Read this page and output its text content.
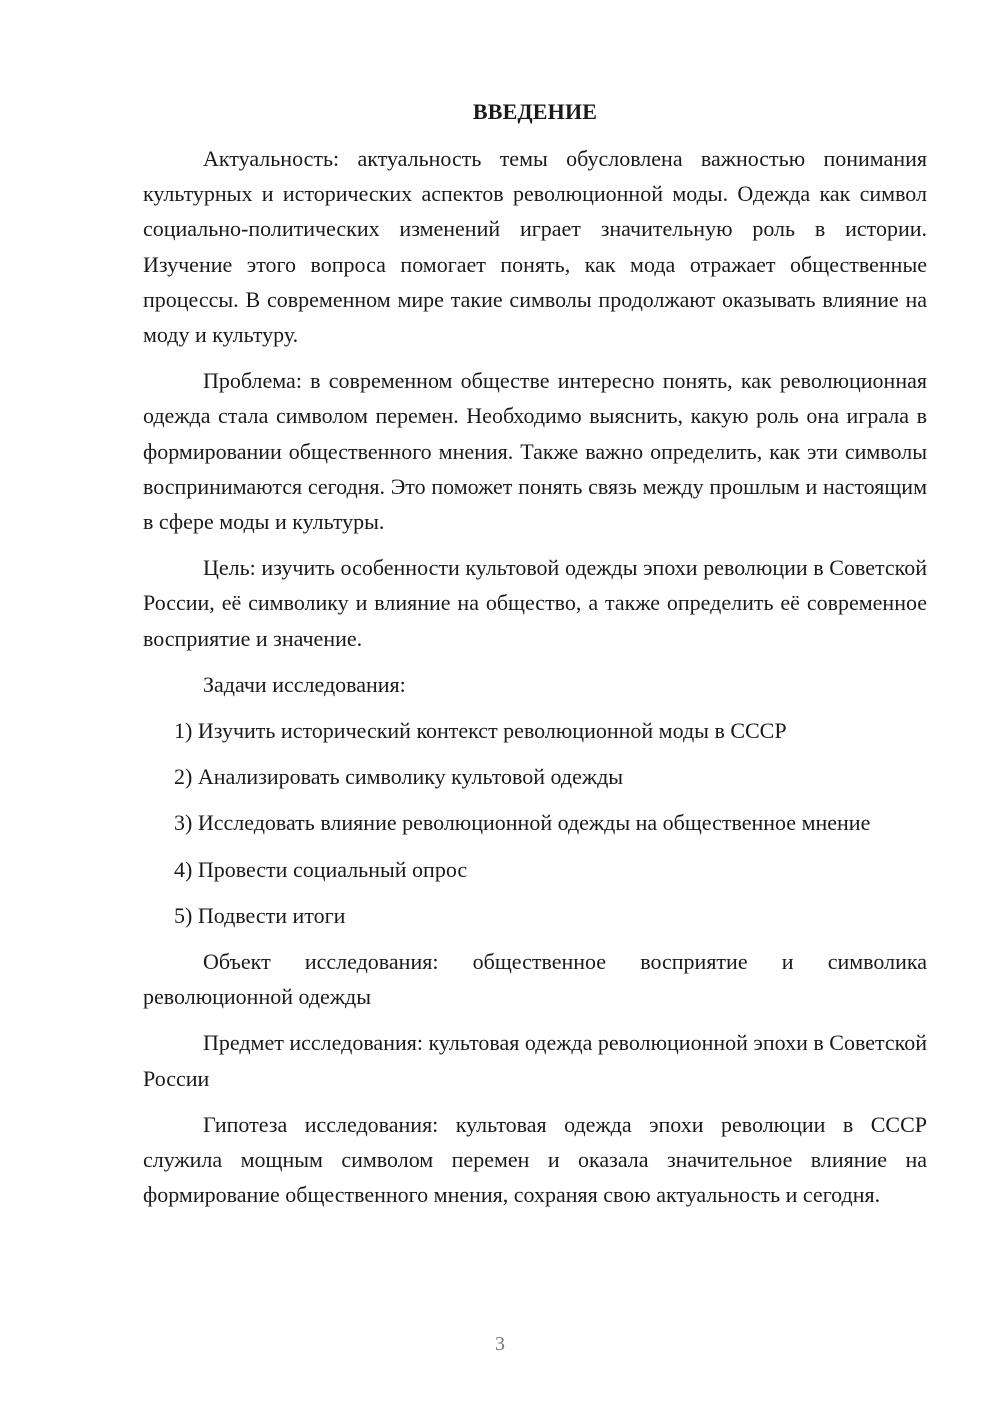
ВВЕДЕНИЕ

Актуальность: актуальность темы обусловлена важностью понимания культурных и исторических аспектов революционной моды. Одежда как символ социально-политических изменений играет значительную роль в истории. Изучение этого вопроса помогает понять, как мода отражает общественные процессы. В современном мире такие символы продолжают оказывать влияние на моду и культуру.

Проблема: в современном обществе интересно понять, как революционная одежда стала символом перемен. Необходимо выяснить, какую роль она играла в формировании общественного мнения. Также важно определить, как эти символы воспринимаются сегодня. Это поможет понять связь между прошлым и настоящим в сфере моды и культуры.

Цель: изучить особенности культовой одежды эпохи революции в Советской России, её символику и влияние на общество, а также определить её современное восприятие и значение.

Задачи исследования:

1) Изучить исторический контекст революционной моды в СССР

2) Анализировать символику культовой одежды

3) Исследовать влияние революционной одежды на общественное мнение

4) Провести социальный опрос

5) Подвести итоги

Объект исследования: общественное восприятие и символика революционной одежды

Предмет исследования: культовая одежда революционной эпохи в Советской России

Гипотеза исследования: культовая одежда эпохи революции в СССР служила мощным символом перемен и оказала значительное влияние на формирование общественного мнения, сохраняя свою актуальность и сегодня.

3
